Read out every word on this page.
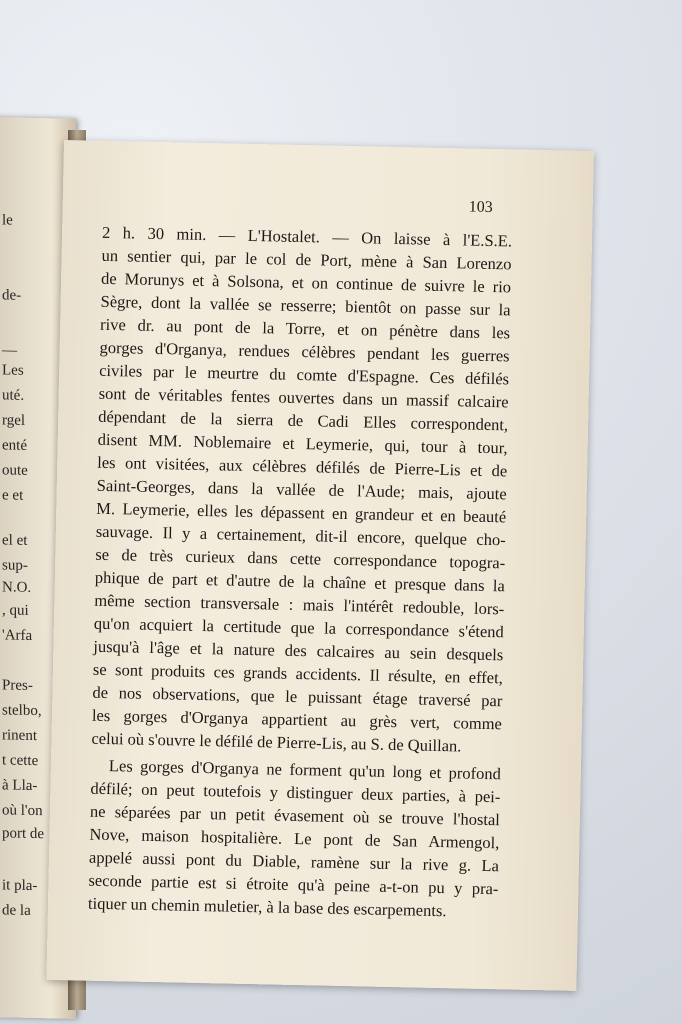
le
de-
—
Les
uté.
rgel
enté
oute
e et
el et
sup-
N.O.
, qui
'Arfa
Pres-
stelbo,
rinent
t cette
à Lla-
où l'on
port de
it pla-
de la
103
2 h. 30 min. — L'Hostalet. — On laisse à l'E.S.E.
un sentier qui, par le col de Port, mène à San Lorenzo
de Morunys et à Solsona, et on continue de suivre le rio
Sègre, dont la vallée se resserre; bientôt on passe sur la
rive dr. au pont de la Torre, et on pénètre dans les
gorges d'Organya, rendues célèbres pendant les guerres
civiles par le meurtre du comte d'Espagne. Ces défilés
sont de véritables fentes ouvertes dans un massif calcaire
dépendant de la sierra de Cadi Elles correspondent,
disent MM. Noblemaire et Leymerie, qui, tour à tour,
les ont visitées, aux célèbres défilés de Pierre-Lis et de
Saint-Georges, dans la vallée de l'Aude; mais, ajoute
M. Leymerie, elles les dépassent en grandeur et en beauté
sauvage. Il y a certainement, dit-il encore, quelque cho-
se de très curieux dans cette correspondance topogra-
phique de part et d'autre de la chaîne et presque dans la
même section transversale : mais l'intérêt redouble, lors-
qu'on acquiert la certitude que la correspondance s'étend
jusqu'à l'âge et la nature des calcaires au sein desquels
se sont produits ces grands accidents. Il résulte, en effet,
de nos observations, que le puissant étage traversé par
les gorges d'Organya appartient au grès vert, comme
celui où s'ouvre le défilé de Pierre-Lis, au S. de Quillan.
Les gorges d'Organya ne forment qu'un long et profond
défilé; on peut toutefois y distinguer deux parties, à pei-
ne séparées par un petit évasement où se trouve l'hostal
Nove, maison hospitalière. Le pont de San Armengol,
appelé aussi pont du Diable, ramène sur la rive g. La
seconde partie est si étroite qu'à peine a-t-on pu y pra-
tiquer un chemin muletier, à la base des escarpements.
